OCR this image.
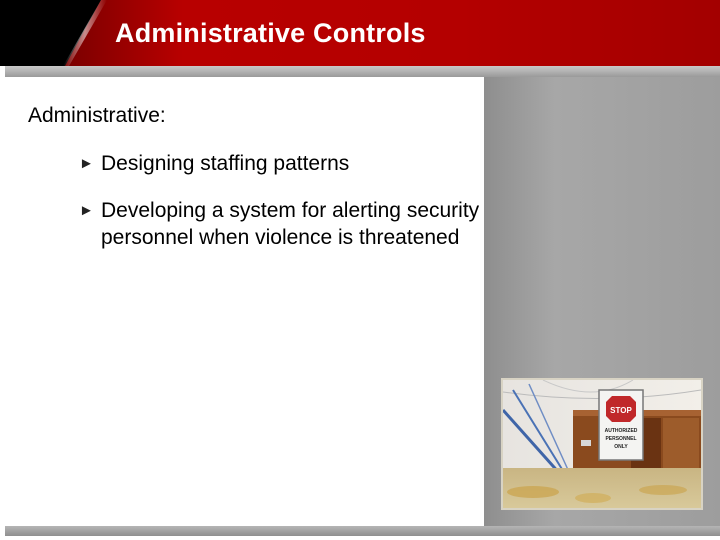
Administrative Controls
Administrative:
► Designing staffing patterns
► Developing a system for alerting security personnel when violence is threatened
STOP
AUTHORIZED
PERSONNEL
ONLY
